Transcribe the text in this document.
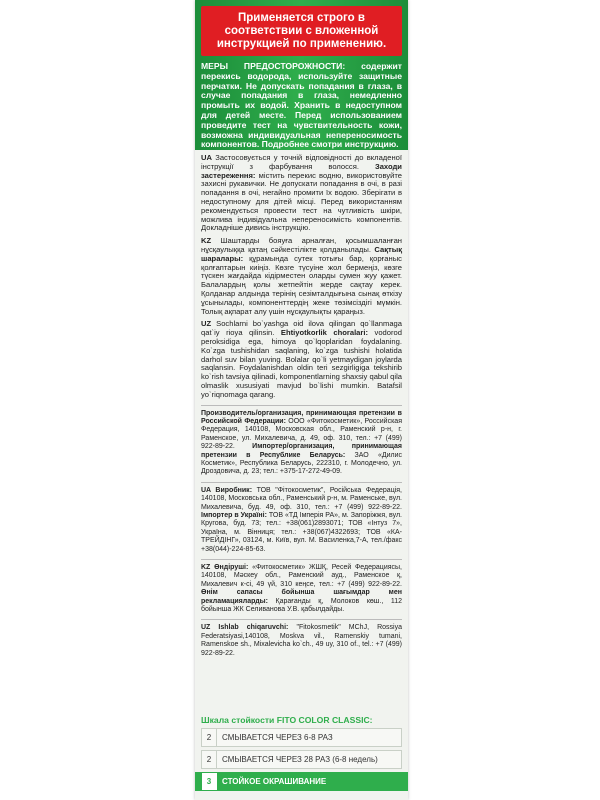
Применяется строго в
соответствии с вложенной
инструкцией по применению.
МЕРЫ ПРЕДОСТОРОЖНОСТИ: содержит перекись водорода, используйте защитные перчатки. Не допускать попадания в глаза, в случае попадания в глаза, немедленно промыть их водой. Хранить в недоступном для детей месте. Перед использованием проведите тест на чувствительность кожи, возможна индивидуальная непереносимость компонентов. Подробнее смотри инструкцию.
UA Застосовується у точній відповідності до вкладеної інструкції з фарбування волосся. Заходи застереження: містить перекис водню, використовуйте захисні рукавички. Не допускати попадання в очі, в разі попадання в очі, негайно промити їх водою. Зберігати в недоступному для дітей місці. Перед використанням рекомендується провести тест на чутливість шкіри, можлива індивідуальна непереносимість компонентів. Докладніше дивись інструкцію.
KZ Шаштарды бояуға арналған, қосымшаланған нұсқаулыққа қатаң сәйкестілікте қолданылады. Сақтық шаралары: құрамында сутек тотығы бар, қорғаныс қолғаптарын киіңіз. Көзге түсуіне жол бермеңіз, көзге түскен жағдайда кідірместен оларды сумен жуу қажет. Балалардың қолы жетпейтін жерде сақтау керек. Қолданар алдында терінің сезімталдығына сынақ өткізу ұсынылады, компоненттердің жеке төзімсіздігі мүмкін. Толық ақпарат алу үшін нұсқаулықты қараңыз.
UZ Sochlarni bo`yashga oid ilova qilingan qo`llanmaga qat`iy rioya qilinsin. Ehtiyotkorlik choralari: vodorod peroksidiga ega, himoya qo`lqoplaridan foydalaning. Ko`zga tushishidan saqlaning, ko`zga tushishi holatida darhol suv bilan yuving. Bolalar qo`li yetmaydigan joylarda saqlansin. Foydalanishdan oldin teri sezgirligiga tekshirib ko`rish tavsiya qilinadi, komponentlarning shaxsiy qabul qila olmaslik xususiyati mavjud bo`lishi mumkin. Batafsil yo`riqnomaga qarang.
Производитель/организация, принимающая претензии в Российской Федерации: ООО «Фитокосметик», Российская Федерация, 140108, Московская обл., Раменский р-н, г. Раменское, ул. Михалевича, д. 49, оф. 310, тел.: +7 (499) 922-89-22. Импортер/организация, принимающая претензии в Республике Беларусь: ЗАО «Дилис Косметик», Республика Беларусь, 222310, г. Молодечно, ул. Дроздовича, д. 23; тел.: +375-17-272-49-09.
UA Виробник: ТОВ "Фітокосметик", Російська Федерація, 140108, Московська обл., Раменський р-н, м. Раменське, вул. Михалевича, буд. 49, оф. 310, тел.: +7 (499) 922-89-22. Імпортер в Україні: ТОВ «ТД Імперія РА», м. Запоріжжя, вул. Кругова, буд. 73; тел.: +38(061)2893071; ТОВ «Інтуз 7», Україна, м. Вінниця; тел.: +38(067)4322693; ТОВ «КА-ТРЕЙДІНГ», 03124, м. Київ, вул. М. Василенка,7-А, тел./факс +38(044)-224-85-63.
KZ Өндіруші: «Фитокосметик» ЖШҚ, Ресей Федерациясы, 140108, Мәскеу обл., Раменский ауд., Раменское қ, Михалевич к-сі, 49 үй, 310 кеңсе, тел.: +7 (499) 922-89-22. Өнім сапасы бойынша шағымдар мен рекламацияларды: Қарағанды қ, Молоков көш., 112 бойынша ЖК Селиванова У.В. қабылдайды.
UZ Ishlab chiqaruvchi: "Fitokosmetik" MChJ, Rossiya Federatsiyasi,140108, Moskva vil., Ramenskiy tumani, Ramenskoe sh., Mixalevicha ko`ch., 49 uy, 310 of., tel.: +7 (499) 922-89-22.
Шкала стойкости FITO COLOR CLASSIC:
2	СМЫВАЕТСЯ ЧЕРЕЗ 6-8 РАЗ
2	СМЫВАЕТСЯ ЧЕРЕЗ 28 РАЗ (6-8 недель)
3	СТОЙКОЕ ОКРАШИВАНИЕ
